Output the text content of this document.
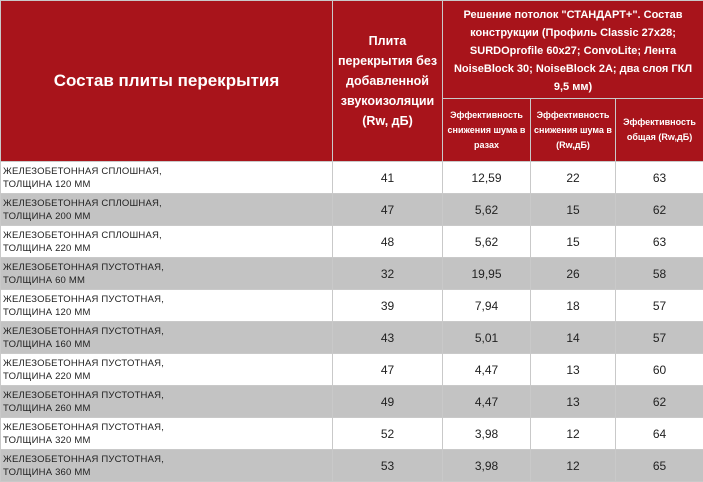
Состав плиты перекрытия	Плита перекрытия без добавленной звукоизоляции (Rw, дБ)	Решение потолок "СТАНДАРТ+". Состав конструкции (Профиль Classic 27x28; SURDOprofile 60x27; ConvoLite; Лента NoiseBlock 30; NoiseBlock 2A; два слоя ГКЛ 9,5 мм)		
		Эффективность снижения шума в разах	Эффективность снижения шума в (Rw,дБ)	Эффективность общая (Rw,дБ)

ЖЕЛЕЗОБЕТОННАЯ СПЛОШНАЯ,
ТОЛЩИНА 120 ММ	41	12,59	22	63

ЖЕЛЕЗОБЕТОННАЯ СПЛОШНАЯ,
ТОЛЩИНА 200 ММ	47	5,62	15	62

ЖЕЛЕЗОБЕТОННАЯ СПЛОШНАЯ,
ТОЛЩИНА 220 ММ	48	5,62	15	63

ЖЕЛЕЗОБЕТОННАЯ ПУСТОТНАЯ,
ТОЛЩИНА 60 ММ	32	19,95	26	58

ЖЕЛЕЗОБЕТОННАЯ ПУСТОТНАЯ,
ТОЛЩИНА 120 ММ	39	7,94	18	57

ЖЕЛЕЗОБЕТОННАЯ ПУСТОТНАЯ,
ТОЛЩИНА 160 ММ	43	5,01	14	57

ЖЕЛЕЗОБЕТОННАЯ ПУСТОТНАЯ,
ТОЛЩИНА 220 ММ	47	4,47	13	60

ЖЕЛЕЗОБЕТОННАЯ ПУСТОТНАЯ,
ТОЛЩИНА 260 ММ	49	4,47	13	62

ЖЕЛЕЗОБЕТОННАЯ ПУСТОТНАЯ,
ТОЛЩИНА 320 ММ	52	3,98	12	64

ЖЕЛЕЗОБЕТОННАЯ ПУСТОТНАЯ,
ТОЛЩИНА 360 ММ	53	3,98	12	65
